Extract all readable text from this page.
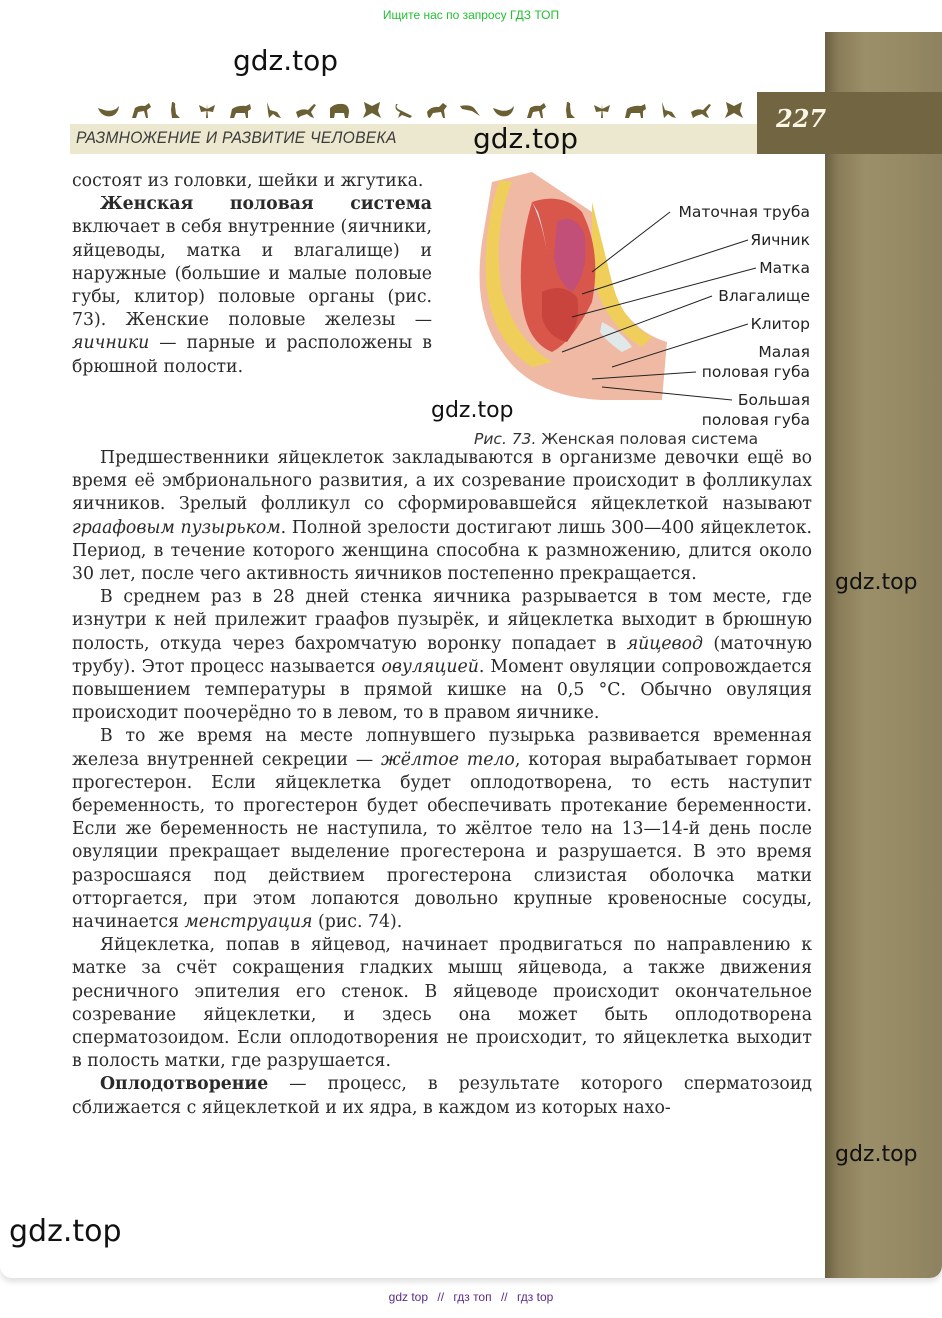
Ищите нас по запросу ГДЗ ТОП
РАЗМНОЖЕНИЕ И РАЗВИТИЕ ЧЕЛОВЕКА
227

состоят из головки, шейки и жгутика.

Женская половая система включает в себя внутренние (яичники, яйцеводы, матка и влагалище) и наружные (большие и малые половые губы, клитор) половые органы (рис. 73). Женские половые железы — яичники — парные и расположены в брюшной полости.

Маточная труба
Яичник
Матка
Влагалище
Клитор
Малая
половая губа
Большая
половая губа
Рис. 73. Женская половая система

Предшественники яйцеклеток закладываются в организме девочки ещё во время её эмбрионального развития, а их созревание происходит в фолликулах яичников. Зрелый фолликул со сформировавшейся яйцеклеткой называют граафовым пузырьком. Полной зрелости достигают лишь 300—400 яйцеклеток. Период, в течение которого женщина способна к размножению, длится около 30 лет, после чего активность яичников постепенно прекращается.

В среднем раз в 28 дней стенка яичника разрывается в том месте, где изнутри к ней прилежит граафов пузырёк, и яйцеклетка выходит в брюшную полость, откуда через бахромчатую воронку попадает в яйцевод (маточную трубу). Этот процесс называется овуляцией. Момент овуляции сопровождается повышением температуры в прямой кишке на 0,5 °С. Обычно овуляция происходит поочерёдно то в левом, то в правом яичнике.

В то же время на месте лопнувшего пузырька развивается временная железа внутренней секреции — жёлтое тело, которая вырабатывает гормон прогестерон. Если яйцеклетка будет оплодотворена, то есть наступит беременность, то прогестерон будет обеспечивать протекание беременности. Если же беременность не наступила, то жёлтое тело на 13—14-й день после овуляции прекращает выделение прогестерона и разрушается. В это время разросшаяся под действием прогестерона слизистая оболочка матки отторгается, при этом лопаются довольно крупные кровеносные сосуды, начинается менструация (рис. 74).

Яйцеклетка, попав в яйцевод, начинает продвигаться по направлению к матке за счёт сокращения гладких мышц яйцевода, а также движения ресничного эпителия его стенок. В яйцеводе происходит окончательное созревание яйцеклетки, и здесь она может быть оплодотворена сперматозоидом. Если оплодотворения не происходит, то яйцеклетка выходит в полость матки, где разрушается.

Оплодотворение — процесс, в результате которого сперматозоид сближается с яйцеклеткой и их ядра, в каждом из которых нахо-

gdz.top
gdz.top
gdz.top
gdz.top
gdz.top
gdz.top
gdz top // гдз топ // гдз top
